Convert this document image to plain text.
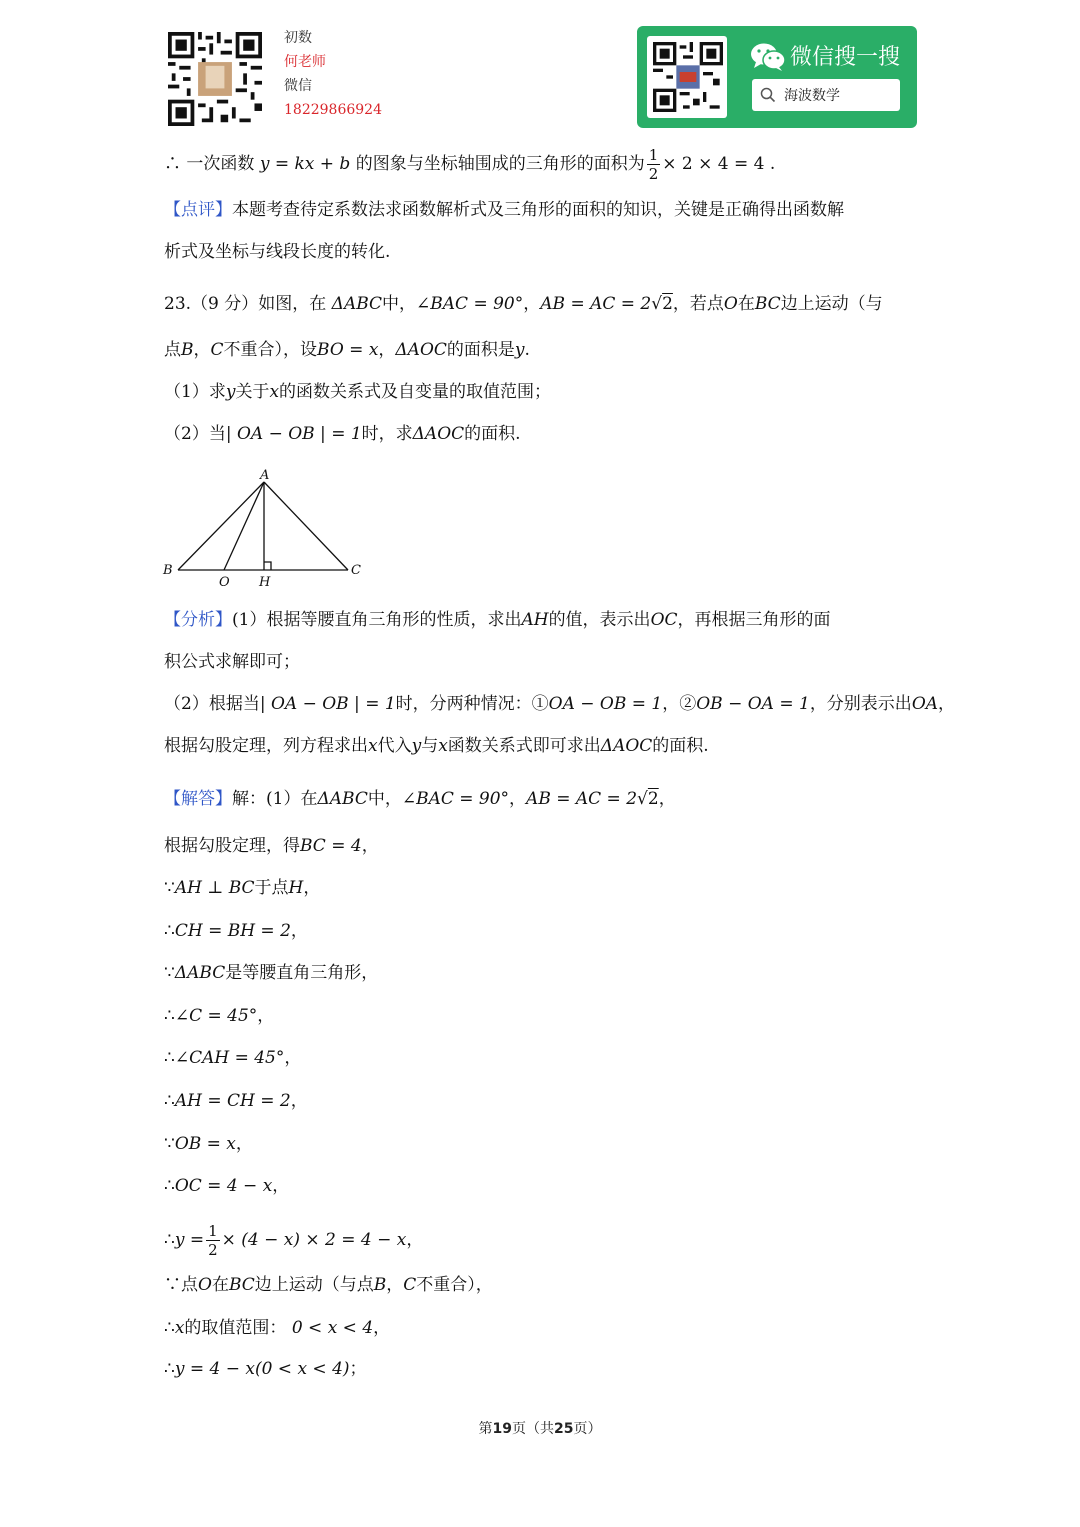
初数
何老师
微信
18229866924
微信搜一搜
海波数学
∴ 一次函数 y = kx + b 的图象与坐标轴围成的三角形的面积为 $\frac{1}{2} \times 2 \times 4 = 4$ .
【点评】本题考查待定系数法求函数解析式及三角形的面积的知识，关键是正确得出函数解
析式及坐标与线段长度的转化.
23.（9 分）如图，在 ΔABC中，∠BAC = 90°，AB = AC = 2√2，若点O在BC边上运动（与
点B，C不重合），设BO = x，ΔAOC的面积是y.
（1）求y关于x的函数关系式及自变量的取值范围；
（2）当| OA − OB | = 1时，求ΔAOC的面积.
A
B	C
O H
【分析】(1）根据等腰直角三角形的性质，求出AH的值，表示出OC，再根据三角形的面
积公式求解即可；
（2）根据当| OA − OB | = 1时，分两种情况：①OA − OB = 1，②OB − OA = 1，分别表示出OA，
根据勾股定理，列方程求出x代入y与x函数关系式即可求出ΔAOC的面积.
【解答】解：(1）在ΔABC中，∠BAC = 90°，AB = AC = 2√2，
根据勾股定理，得BC = 4，
∵AH ⊥ BC于点H，
∴CH = BH = 2，
∵ΔABC是等腰直角三角形，
∴∠C = 45°，
∴∠CAH = 45°，
∴AH = CH = 2，
∵OB = x，
∴OC = 4 − x，
∴y = $\frac{1}{2} \times (4 - x) \times 2 = 4 - x$，
∵点O在BC边上运动（与点B，C不重合），
∴x的取值范围： 0 < x < 4，
∴y = 4 − x(0 < x < 4)；
第19页（共25页）
